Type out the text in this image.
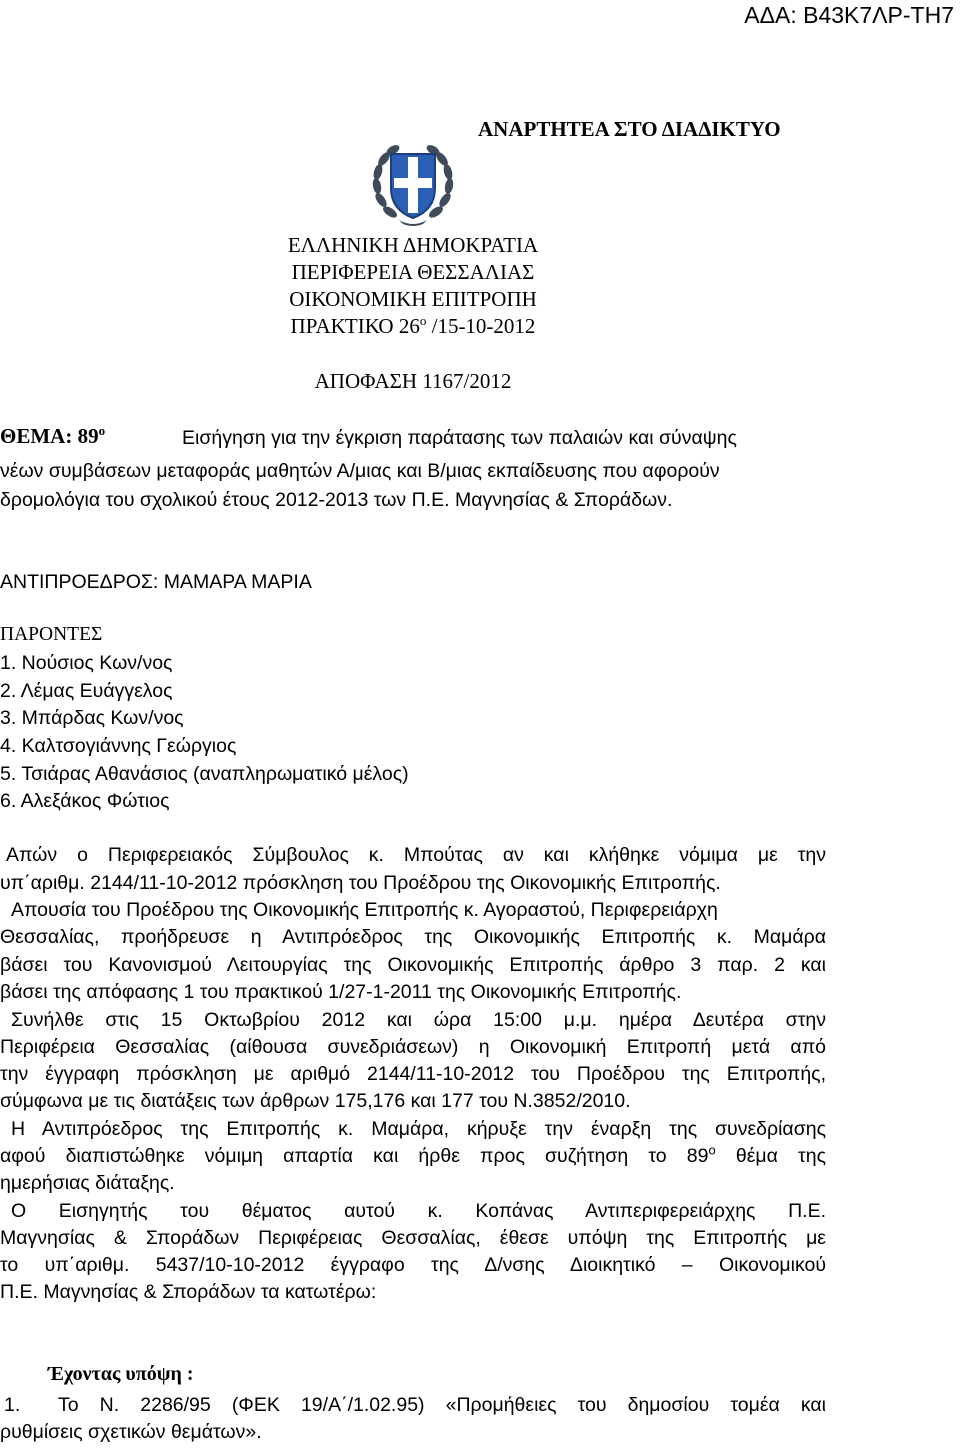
ΑΔΑ: Β43Κ7ΛΡ-ΤΗ7
ΑΝΑΡΤΗΤΕΑ ΣΤΟ ΔΙΑΔΙΚΤΥΟ
ΕΛΛΗΝΙΚΗ ΔΗΜΟΚΡΑΤΙΑ
ΠΕΡΙΦΕΡΕΙΑ ΘΕΣΣΑΛΙΑΣ
ΟΙΚΟΝΟΜΙΚΗ ΕΠΙΤΡΟΠΗ
ΠΡΑΚΤΙΚΟ $26^o$ /15-10-2012
ΑΠΟΦΑΣΗ 1167/2012
ΘΕΜΑ: $89^o$	Εισήγηση για την έγκριση παράτασης των παλαιών και σύναψης
νέων συμβάσεων μεταφοράς μαθητών Α/μιας και Β/μιας εκπαίδευσης που αφορούν
δρομολόγια του σχολικού έτους 2012-2013 των Π.Ε. Μαγνησίας & Σποράδων.
ΑΝΤΙΠΡΟΕΔΡΟΣ: ΜΑΜΑΡΑ ΜΑΡΙΑ
ΠΑΡΟΝΤΕΣ
1. Νούσιος Κων/νος
2. Λέμας Ευάγγελος
3. Μπάρδας Κων/νος
4. Καλτσογιάννης Γεώργιος
5. Τσιάρας Αθανάσιος (αναπληρωματικό μέλος)
6. Αλεξάκος Φώτιος
Απών ο Περιφερειακός Σύμβουλος κ. Μπούτας αν και κλήθηκε νόμιμα με την
υπ΄αριθμ. 2144/11-10-2012 πρόσκληση του Προέδρου της Οικονομικής Επιτροπής.
Απουσία του Προέδρου της Οικονομικής Επιτροπής κ. Αγοραστού, Περιφερειάρχη
Θεσσαλίας, προήδρευσε η Αντιπρόεδρος της Οικονομικής Επιτροπής κ. Μαμάρα
βάσει του Κανονισμού Λειτουργίας της Οικονομικής Επιτροπής άρθρο 3 παρ. 2 και
βάσει της απόφασης 1 του πρακτικού 1/27-1-2011 της Οικονομικής Επιτροπής.
Συνήλθε στις 15 Οκτωβρίου 2012 και ώρα 15:00 μ.μ. ημέρα Δευτέρα στην
Περιφέρεια Θεσσαλίας (αίθουσα συνεδριάσεων) η Οικονομική Επιτροπή μετά από
την έγγραφη πρόσκληση με αριθμό 2144/11-10-2012 του Προέδρου της Επιτροπής,
σύμφωνα με τις διατάξεις των άρθρων 175,176 και 177 του Ν.3852/2010.
Η Αντιπρόεδρος της Επιτροπής κ. Μαμάρα, κήρυξε την έναρξη της συνεδρίασης
αφού διαπιστώθηκε νόμιμη απαρτία και ήρθε προς συζήτηση το $89^o$ θέμα της
ημερήσιας διάταξης.
Ο Εισηγητής του θέματος αυτού κ. Κοπάνας Αντιπεριφερειάρχης Π.Ε.
Μαγνησίας & Σποράδων Περιφέρειας Θεσσαλίας, έθεσε υπόψη της Επιτροπής με
το υπ΄αριθμ. 5437/10-10-2012 έγγραφο της Δ/νσης Διοικητικό – Οικονομικού
Π.Ε. Μαγνησίας & Σποράδων τα κατωτέρω:
Έχοντας υπόψη :
1. Το Ν. 2286/95 (ΦΕΚ 19/Α΄/1.02.95) «Προμήθειες του δημοσίου τομέα και
ρυθμίσεις σχετικών θεμάτων».
